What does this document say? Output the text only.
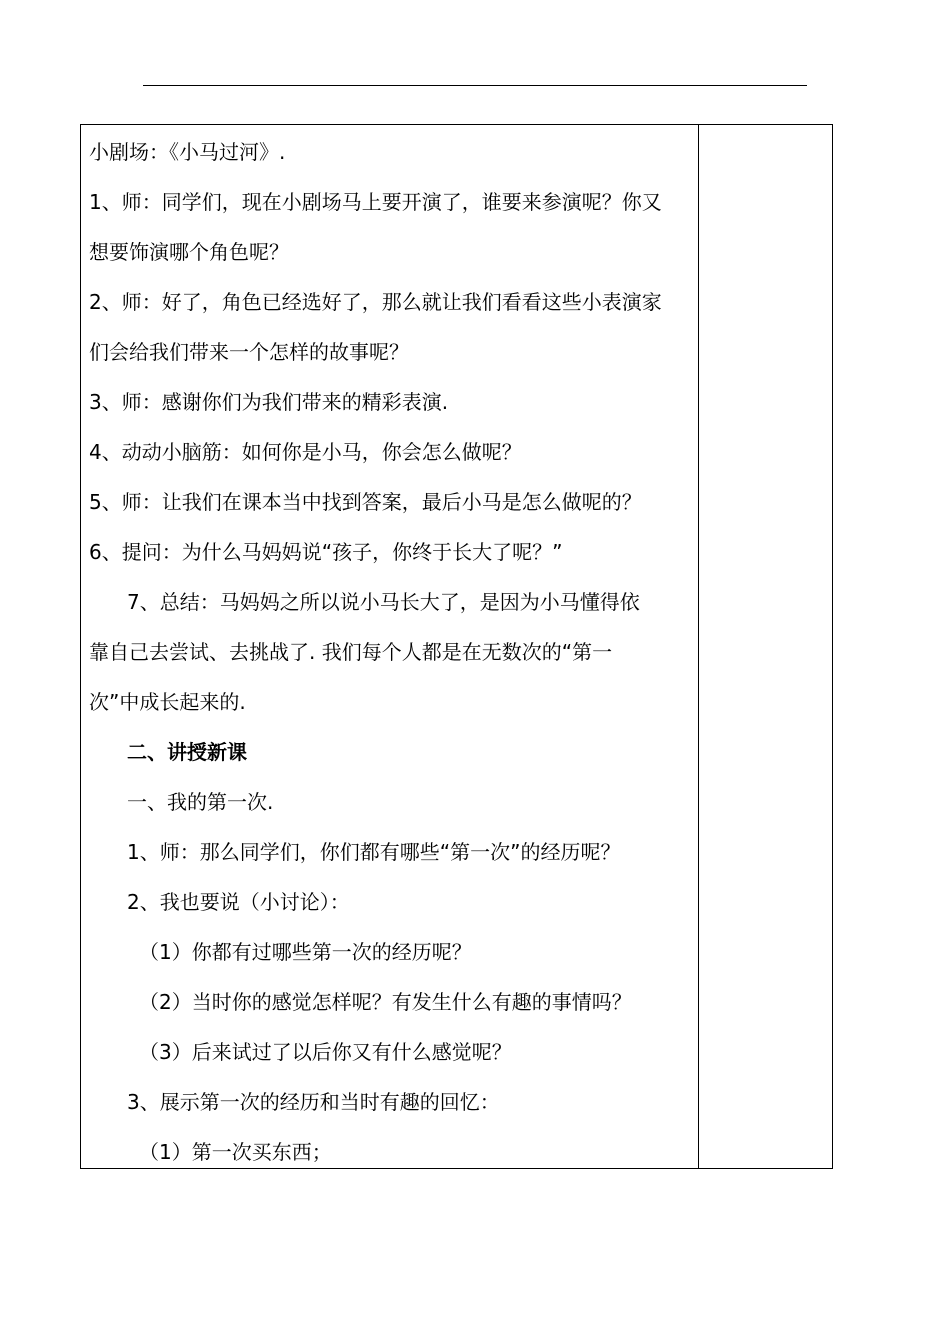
小剧场：《小马过河》.
1、师：同学们，现在小剧场马上要开演了，谁要来参演呢？你又
想要饰演哪个角色呢？
2、师：好了，角色已经选好了，那么就让我们看看这些小表演家
们会给我们带来一个怎样的故事呢？
3、师：感谢你们为我们带来的精彩表演.
4、动动小脑筋：如何你是小马，你会怎么做呢？
5、师：让我们在课本当中找到答案，最后小马是怎么做呢的？
6、提问：为什么马妈妈说“孩子，你终于长大了呢？”
7、总结：马妈妈之所以说小马长大了，是因为小马懂得依
靠自己去尝试、去挑战了. 我们每个人都是在无数次的“第一
次”中成长起来的.
二、讲授新课
一、我的第一次.
1、师：那么同学们，你们都有哪些“第一次”的经历呢？
2、我也要说（小讨论）：
（1）你都有过哪些第一次的经历呢？
（2）当时你的感觉怎样呢？有发生什么有趣的事情吗？
（3）后来试过了以后你又有什么感觉呢？
3、展示第一次的经历和当时有趣的回忆：
（1）第一次买东西；
